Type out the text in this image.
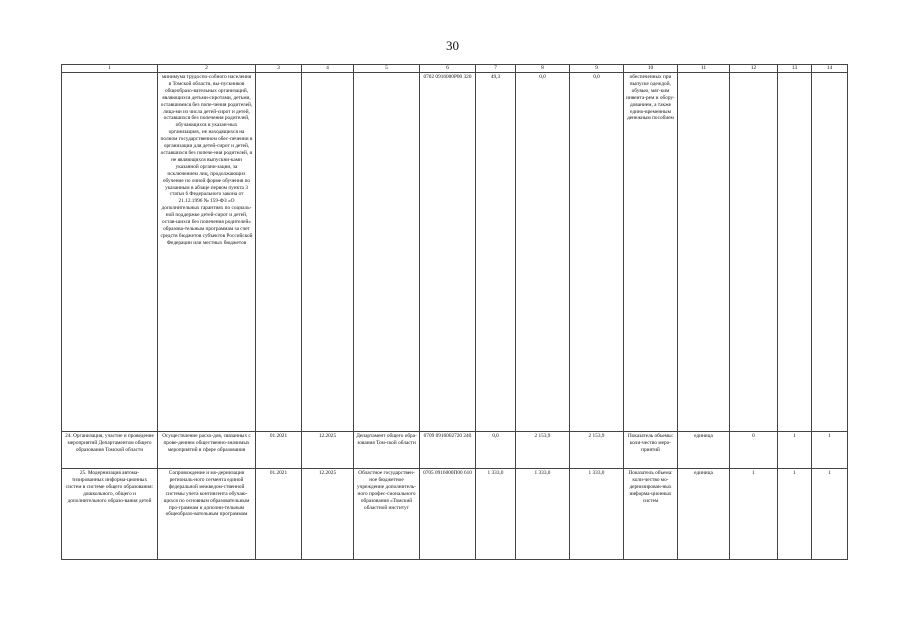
30
1	2	3	4	5	6	7	8	9	10	11	12	13	14
	минимума трудоспо-собного населения в Томской области, вы-пускников общеобразо-вательных организаций, являющихся детьми-сиротами, детьми, оставшимися без попе-чения родителей, лица-ми из числа детей-сирот и детей, оставшихся без попечения родителей, обучающихся в указан-ных организациях, не находящихся на полном государственном обес-печении в организации для детей-сирот и детей, оставшихся без попече-ния родителей, и не являющихся выпускни-ками указанной органи-зации, за исключением лиц, продолжающих обучение по очной форме обучения по указанным в абзаце первом пункта 3 статьи 6 Федерального закона от 21.12.1996 № 159-ФЗ «О дополнительных гарантиях по социаль-ной поддержке детей-сирот и детей, остав-шихся без попечения родителей» образова-тельным программам за счет средств бюджетов субъектов Российской Федерации или местных бюджетов				0702 0916000Р00 320	49,3	0,0	0,0	обеспеченных при выпуске одеждой, обувью, мяг-ким инвента-рем и обору-дованием, а также едино-временным денежным пособием				
24. Организация, участие и проведение мероприятий Департаментом общего образования Томской области	Осуществление расхо-дов, связанных с прове-дением общественно-значимых мероприятий в сфере образования	01.2021	12.2025	Департамент общего обра-зования Том-ской области	0709 0916002720 240	0,0	2 153,9	2 153,9	Показатель объемы: коли-чество меро-приятий	единица	0	1	1
25. Модернизация автома-тизированных информа-ционных систем в системе общего образования: дошкольного, общего и дополнительного образо-вания детей	Сопровождение и мо-дернизация региональ-ного сегмента единой федеральной межведом-ственной системы учета контингента обучаю-щихся по основным образовательным про-граммам и дополни-тельным общеобразо-вательным программам	01.2021	12.2025	Областное государствен-ное бюджетное учреждение дополнитель-ного профес-сионального образования «Томский областной институт	0705 0916000П00 610	1 333,0	1 333,0	1 333,0	Показатель объема: коли-чество мо-дернизирован-ных информа-ционных систем	единица	1	1	1
